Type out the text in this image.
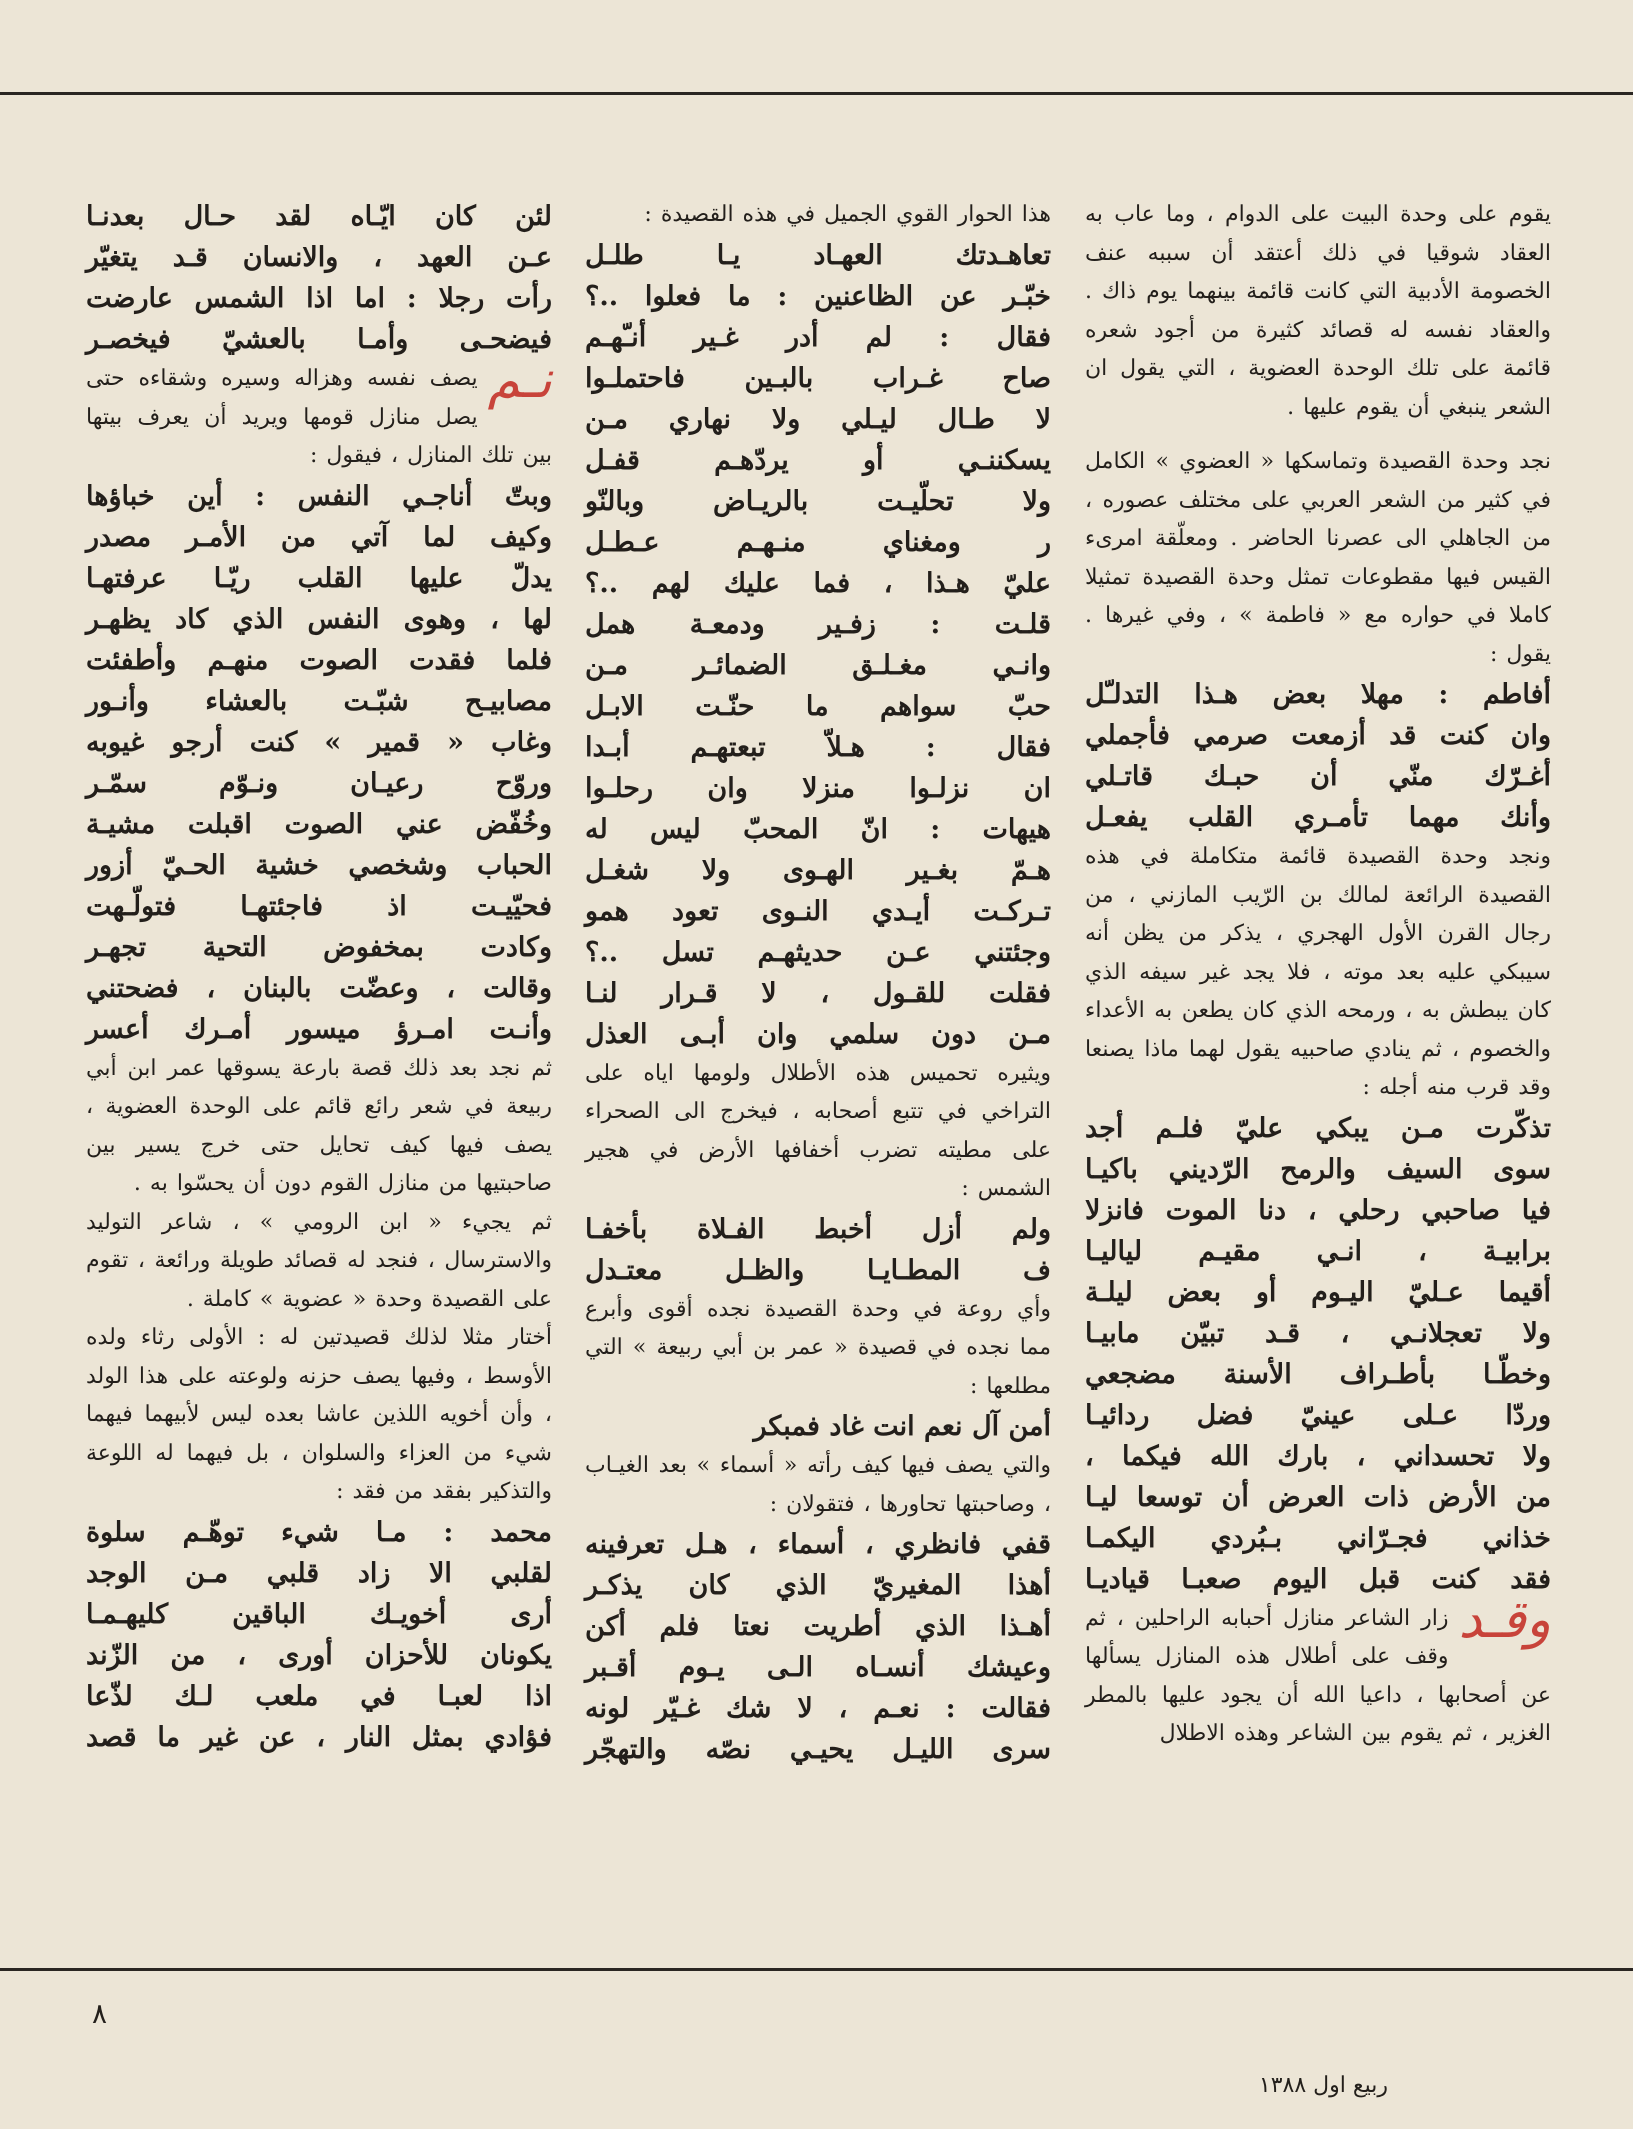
يقوم على وحدة البيت على الدوام ، وما عاب به العقاد شوقيا في ذلك أعتقد أن سببه عنف الخصومة الأدبية التي كانت قائمة بينهما يوم ذاك . والعقاد نفسه له قصائد كثيرة من أجود شعره قائمة على تلك الوحدة العضوية ، التي يقول ان الشعر ينبغي أن يقوم عليها .

نجد وحدة القصيدة وتماسكها « العضوي » الكامل في كثير من الشعر العربي على مختلف عصوره ، من الجاهلي الى عصرنا الحاضر . ومعلّقة امرىء القيس فيها مقطوعات تمثل وحدة القصيدة تمثيلا كاملا في حواره مع « فاطمة » ، وفي غيرها . يقول :

أفاطم : مهلا بعض هـذا التدلـّل

وان كنت قد أزمعت صرمي فأجملي

أغـرّك منّي أن حبـك قاتـلي

وأنك مهما تأمـري القلب يفعـل

ونجد وحدة القصيدة قائمة متكاملة في هذه القصيدة الرائعة لمالك بن الرّيب المازني ، من رجال القرن الأول الهجري ، يذكر من يظن أنه سيبكي عليه بعد موته ، فلا يجد غير سيفه الذي كان يبطش به ، ورمحه الذي كان يطعن به الأعداء والخصوم ، ثم ينادي صاحبيه يقول لهما ماذا يصنعا وقد قرب منه أجله :

تذكّرت مـن يبكي عليّ فلـم أجد

سوى السيف والرمح الرّديني باكيـا

فيا صاحبي رحلي ، دنا الموت فانزلا

برابيـة ، انـي مقيـم لياليـا

أقيما عـليّ اليـوم أو بعض ليلـة

ولا تعجلانـي ، قـد تبيّن مابيـا

وخطّـا بأطـراف الأسنة مضجعي

وردّا عـلى عينيّ فضل ردائيـا

ولا تحسداني ، بارك الله فيكما ،

من الأرض ذات العرض أن توسعا ليـا

خذاني فجـرّاني بـبُردي اليكمـا

فقد كنت قبل اليوم صعبـا قياديـا

وقـد
زار الشاعر منازل أحبابه الراحلين ، ثم وقف على أطلال هذه المنازل يسألها عن أصحابها ، داعيا الله أن يجود عليها بالمطر الغزير ، ثم يقوم بين الشاعر وهذه الاطلال

هذا الحوار القوي الجميل في هذه القصيدة :

تعاهـدتك العهـاد يـا طلـل

خبّـر عن الظاعنين : ما فعلوا ..؟

فقال : لم أدر غـير أنـّهـم

صاح غـراب بالبـين فاحتملـوا

لا طـال ليـلي ولا نهاري مـن

يسكننـي أو يردّهـم قفـل

ولا تحلّيـت بالريـاض وبالنّو

ر ومغناي منـهـم عـطـل

عليّ هـذا ، فما عليك لهم ..؟

قلـت : زفـير ودمعـة همل

وانـي مغـلـق الضمائـر مـن

حبّ سواهم ما حنّـت الابـل

فقال : هـلاّ تبعتهـم أبـدا

ان نزلـوا منزلا وان رحلـوا

هيهات : انّ المحبّ ليس له

هـمّ بغـير الهـوى ولا شغـل

تـركـت أيـدي النـوى تعود همو

وجئتني عـن حديثهـم تسل ..؟

فقلت للقـول ، لا قـرار لنـا

مـن دون سلمي وان أبـى العذل

ويثيره تحميس هذه الأطلال ولومها اياه على التراخي في تتبع أصحابه ، فيخرج الى الصحراء على مطيته تضرب أخفافها الأرض في هجير الشمس :

ولم أزل أخبط الفـلاة بأخفـا

ف المطـايـا والظـل معتـدل

وأي روعة في وحدة القصيدة نجده أقوى وأبرع مما نجده في قصيدة « عمر بن أبي ربيعة » التي مطلعها :

أمن آل نعم انت غاد فمبكر

والتي يصف فيها كيف رأته « أسماء » بعد الغيـاب ، وصاحبتها تحاورها ، فتقولان :

قفي فانظري ، أسماء ، هـل تعرفينه

أهذا المغيريّ الذي كان يذكـر

أهـذا الذي أطريت نعتا فلم أكن

وعيشك أنسـاه الـى يـوم أقـبر

فقالت : نعـم ، لا شك غـيّر لونه

سرى الليـل يحيـي نصّه والتهجّر

لئن كان ايّـاه لقد حـال بعدنـا

عـن العهد ، والانسان قـد يتغيّر

رأت رجلا : اما اذا الشمس عارضت

فيضحـى وأمـا بالعشيّ فيخصـر

نـم
يصف نفسه وهزاله وسيره وشقاءه حتى يصل منازل قومها ويريد أن يعرف بيتها بين تلك المنازل ، فيقول :

وبتّ أناجـي النفس : أين خباؤها

وكيف لما آتي من الأمـر مصدر

يدلّ عليها القلب ريّـا عرفتهـا

لها ، وهوى النفس الذي كاد يظهـر

فلما فقدت الصوت منهـم وأطفئت

مصابيـح شبّـت بالعشاء وأنـور

وغاب « قمير » كنت أرجو غيوبه

وروّح رعيـان ونـوّم سمّـر

وخُفّض عني الصوت اقبلت مشيـة

الحباب وشخصي خشية الحـيّ أزور

فحيّيـت اذ فاجئتهـا فتولّـهت

وكادت بمخفوض التحية تجهـر

وقالت ، وعضّت بالبنان ، فضحتني

وأنـت امـرؤ ميسور أمـرك أعسر

ثم نجد بعد ذلك قصة بارعة يسوقها عمر ابن أبي ربيعة في شعر رائع قائم على الوحدة العضوية ، يصف فيها كيف تحايل حتى خرج يسير بين صاحبتيها من منازل القوم دون أن يحسّوا به .

ثم يجيء « ابن الرومي » ، شاعر التوليد والاسترسال ، فنجد له قصائد طويلة ورائعة ، تقوم على القصيدة وحدة « عضوية » كاملة .

أختار مثلا لذلك قصيدتين له : الأولى رثاء ولده الأوسط ، وفيها يصف حزنه ولوعته على هذا الولد ، وأن أخويه اللذين عاشا بعده ليس لأبيهما فيهما شيء من العزاء والسلوان ، بل فيهما له اللوعة والتذكير بفقد من فقد :

محمد : مـا شيء توهّـم سلوة

لقلبي الا زاد قلبي مـن الوجد

أرى أخويـك الباقين كليهـمـا

يكونان للأحزان أورى ، من الزّند

اذا لعبـا في ملعب لـك لذّعا

فؤادي بمثل النار ، عن غير ما قصد

٨
ربيع اول ١٣٨٨
